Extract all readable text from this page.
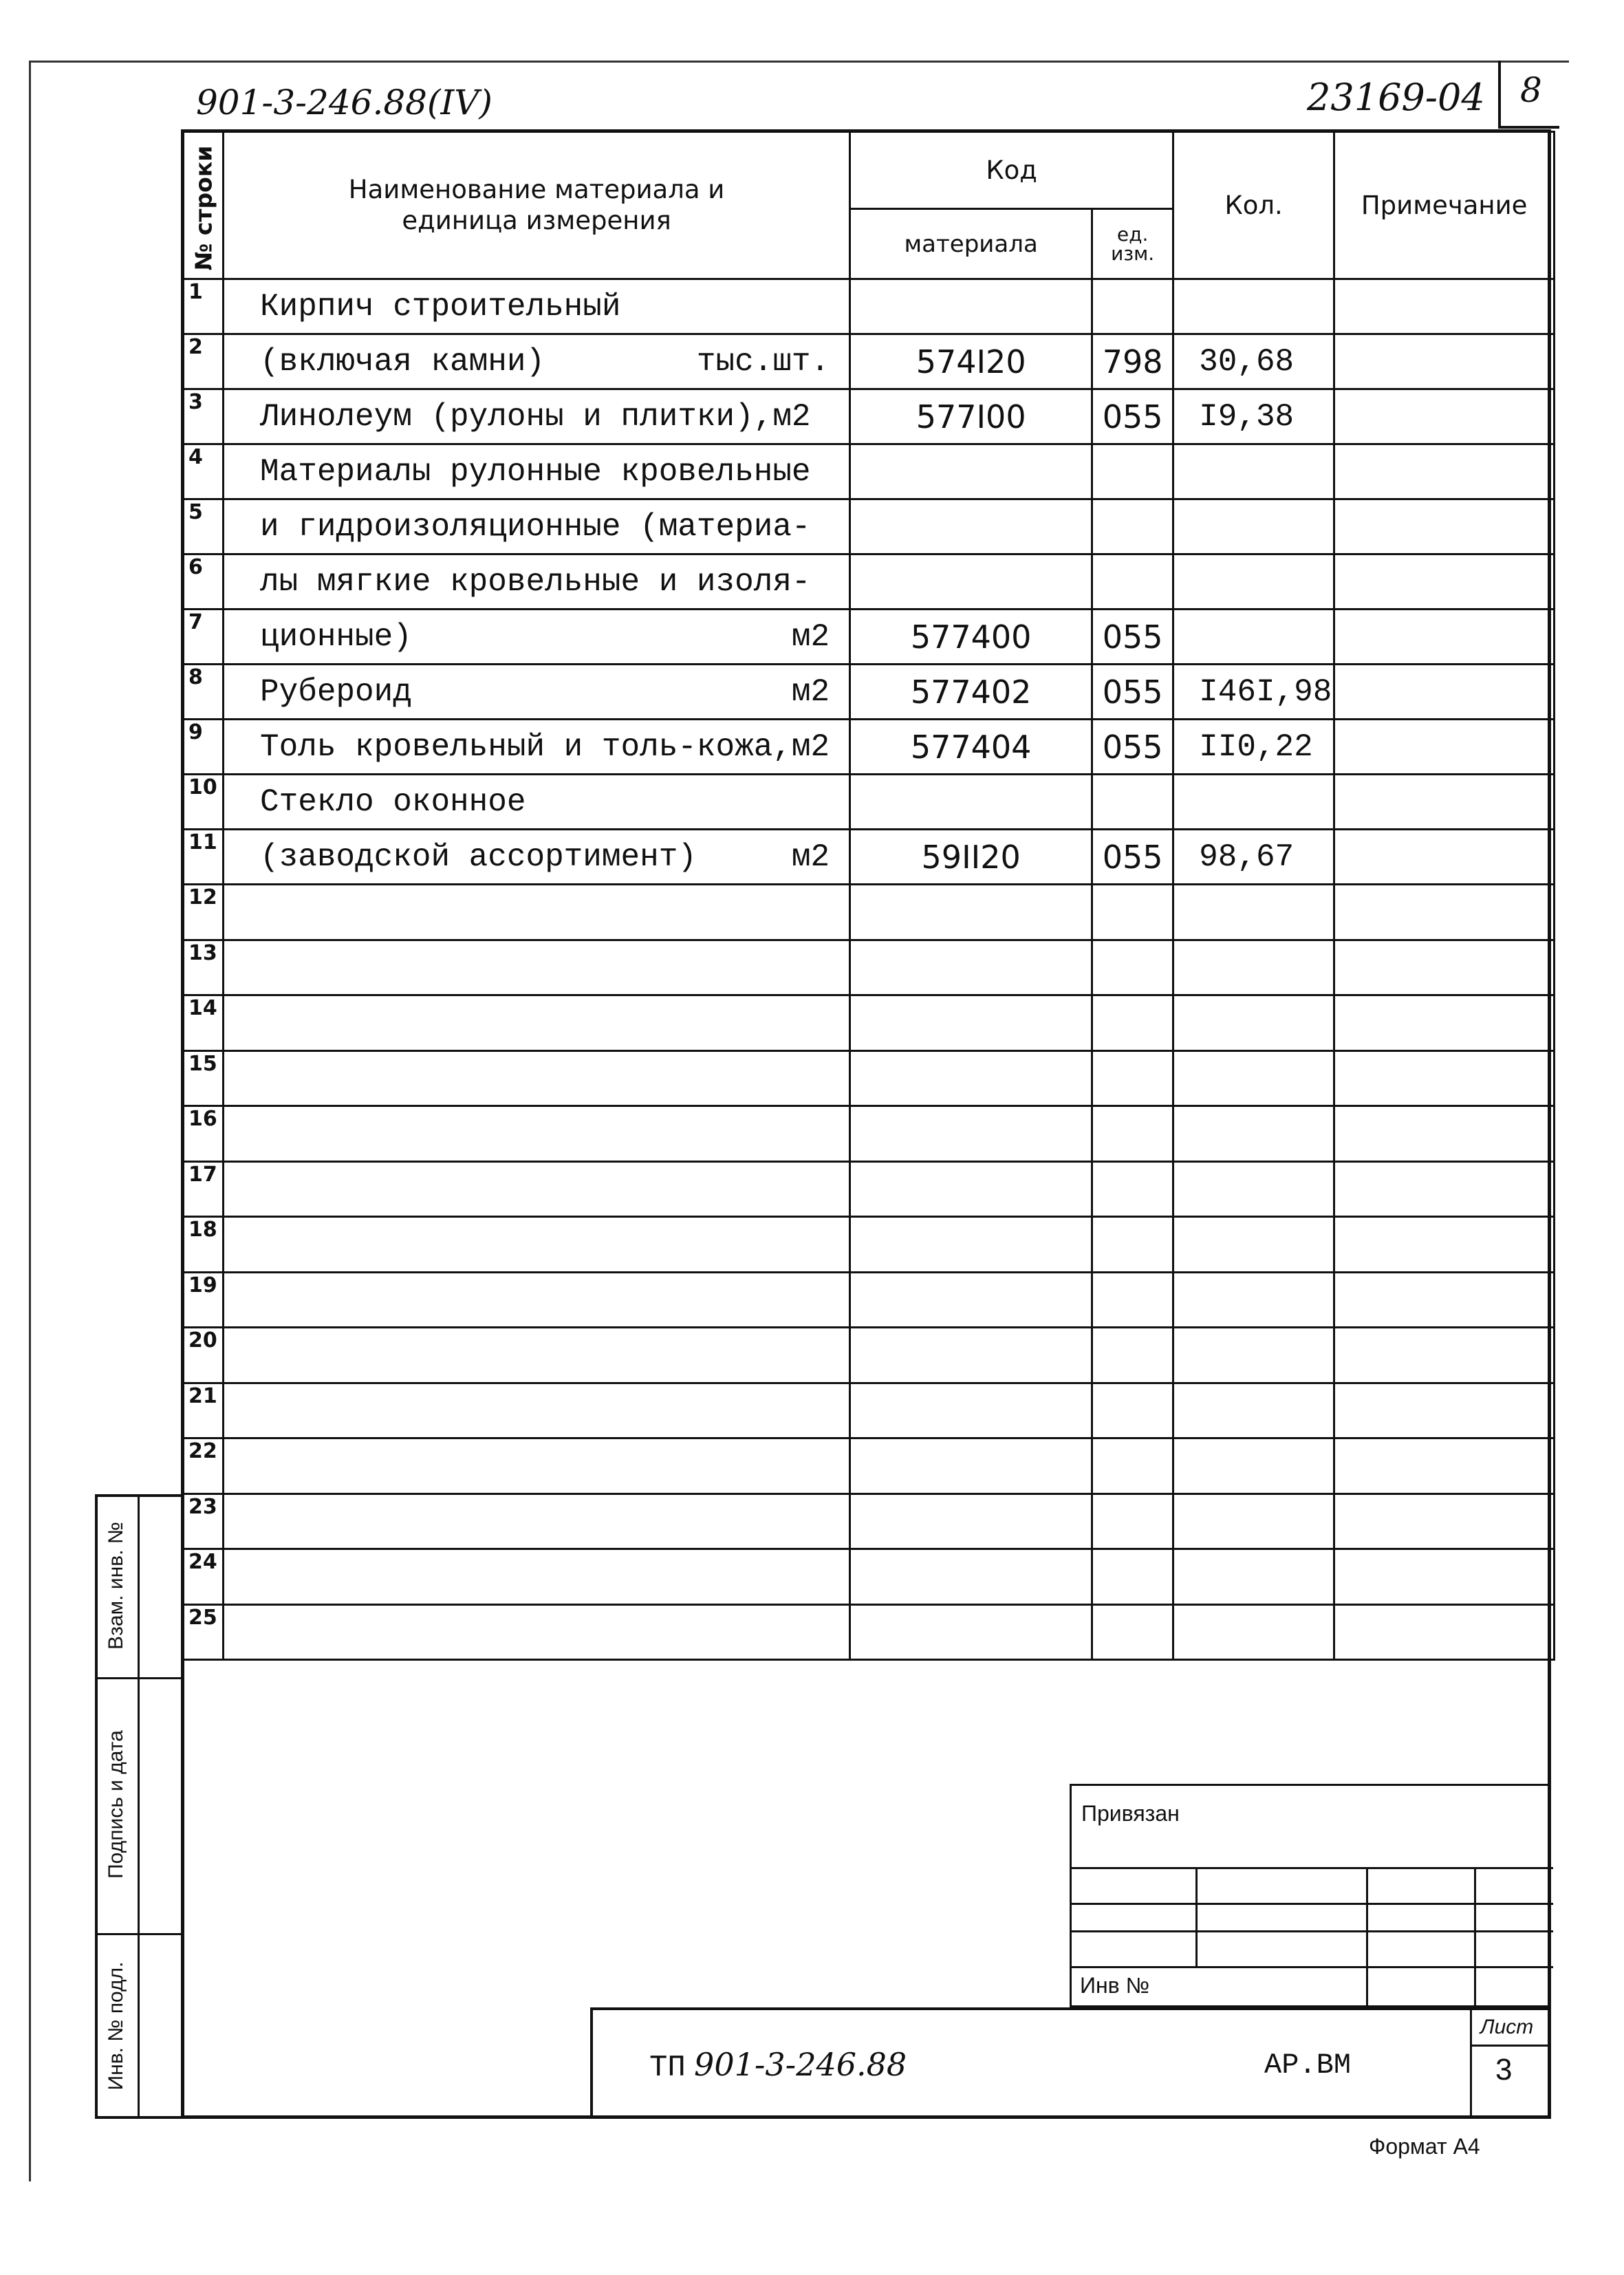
901-3-246.88(IV)	23169-04 8
№ строки	Наименование материала и единица измерения	Код		Кол.	Примечание
		материала	ед. изм.		

1	Кирпич строительный				

2	(включая камни) тыс.шт.	574I20	798	30,68	
3	Линолеум (рулоны и плитки),м2	577I00	055	I9,38	
4	Материалы рулонные кровельные				

5	и гидроизоляционные (материа-				

6	лы мягкие кровельные и изоля-				

7	ционные) м2	577400	055		
8	Рубероид м2	577402	055	I46I,98	
9	Толь кровельный и толь-кожа,м2	577404	055	II0,22	
10	Стекло оконное				

11	(заводской ассортимент) м2	59II20	055	98,67	
12	

13	

14	

15	

16	

17	

18	

19	

20	

21	

22	

23	

24	

25	

Взам. инв. №
Подпись и дата
Инв. № подл.
Привязан
Инв №
ТП 901-3-246.88	АР.ВМ
Лист
3
Формат А4
